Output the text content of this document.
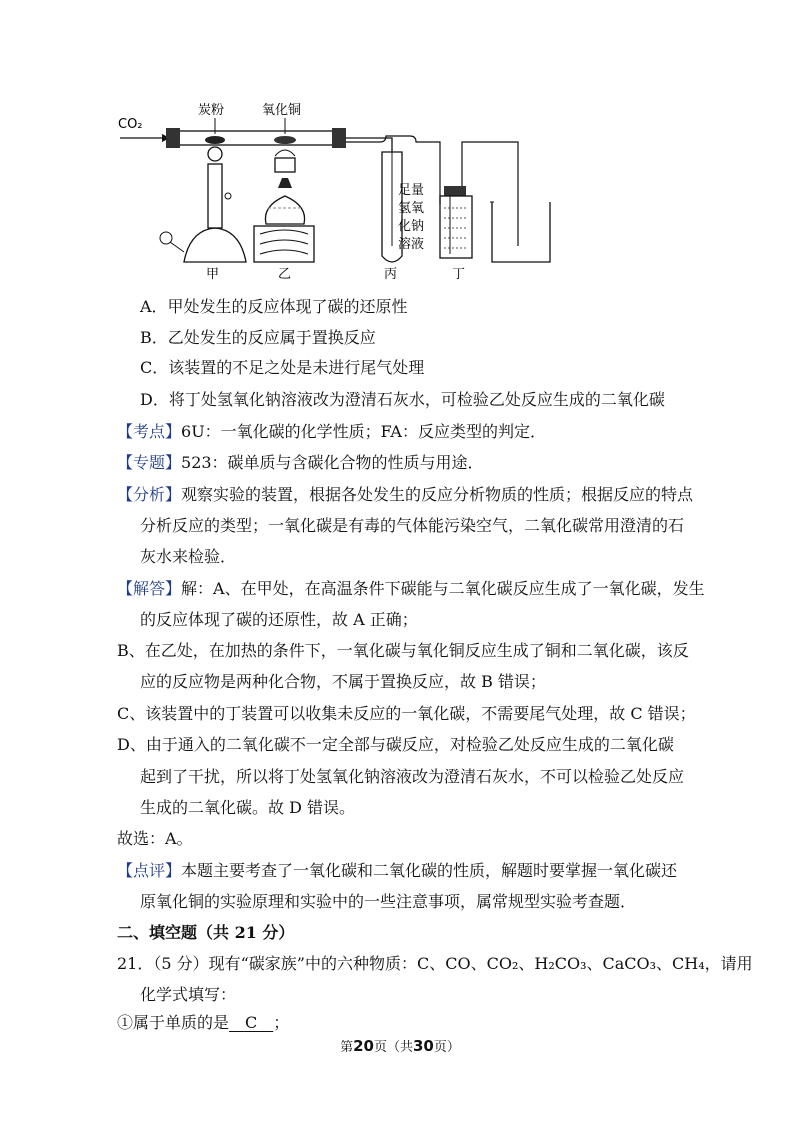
CO₂
炭粉	氧化铜
足量
氢氧
化钠
溶液
甲	乙	丙	丁
A．甲处发生的反应体现了碳的还原性
B．乙处发生的反应属于置换反应
C．该装置的不足之处是未进行尾气处理
D．将丁处氢氧化钠溶液改为澄清石灰水，可检验乙处反应生成的二氧化碳
【考点】6U：一氧化碳的化学性质；FA：反应类型的判定．
【专题】523：碳单质与含碳化合物的性质与用途．
【分析】观察实验的装置，根据各处发生的反应分析物质的性质；根据反应的特点
分析反应的类型；一氧化碳是有毒的气体能污染空气，二氧化碳常用澄清的石
灰水来检验．
【解答】解：A、在甲处，在高温条件下碳能与二氧化碳反应生成了一氧化碳，发生
的反应体现了碳的还原性，故 A 正确；
B、在乙处，在加热的条件下，一氧化碳与氧化铜反应生成了铜和二氧化碳，该反
应的反应物是两种化合物，不属于置换反应，故 B 错误；
C、该装置中的丁装置可以收集未反应的一氧化碳，不需要尾气处理，故 C 错误；
D、由于通入的二氧化碳不一定全部与碳反应，对检验乙处反应生成的二氧化碳
起到了干扰，所以将丁处氢氧化钠溶液改为澄清石灰水，不可以检验乙处反应
生成的二氧化碳。故 D 错误。
故选：A。
【点评】本题主要考查了一氧化碳和二氧化碳的性质，解题时要掌握一氧化碳还
原氧化铜的实验原理和实验中的一些注意事项，属常规型实验考查题．
二、填空题（共 21 分）
21．（5 分）现有“碳家族”中的六种物质：C、CO、CO₂、H₂CO₃、CaCO₃、CH₄，请用
化学式填写：
①属于单质的是　C　；
第20页（共30页）
